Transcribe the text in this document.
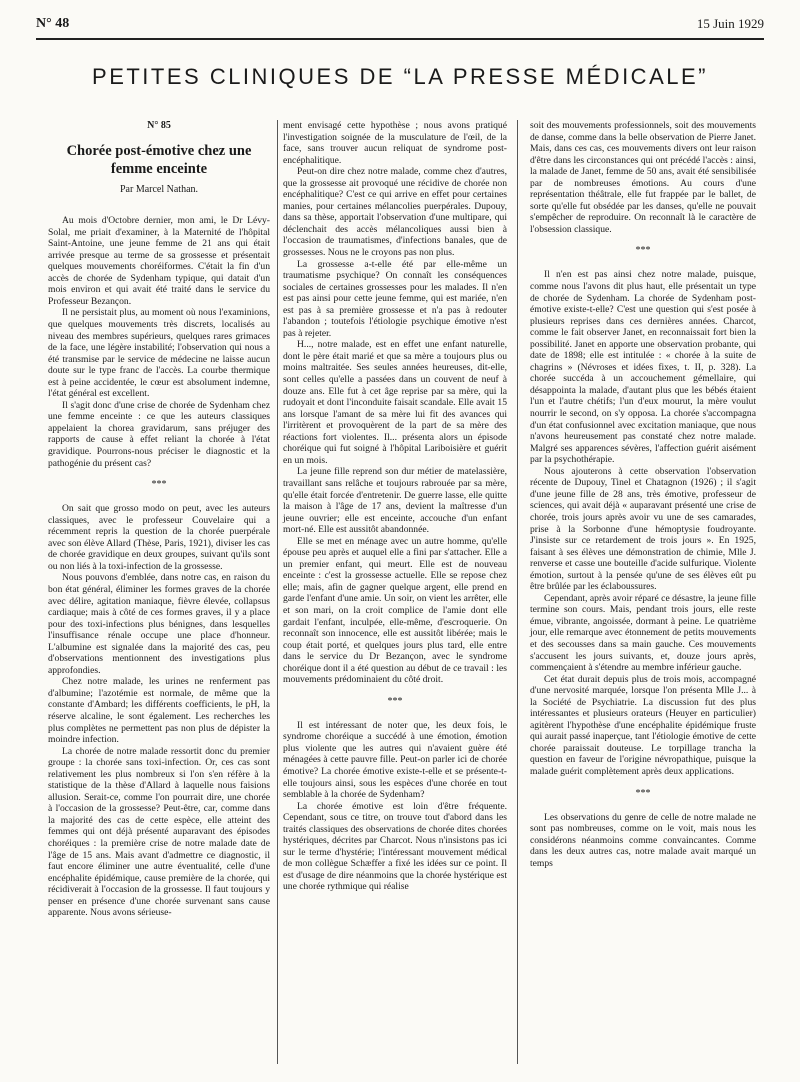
N° 48	15 Juin 1929
PETITES CLINIQUES DE “LA PRESSE MÉDICALE”

N° 85

Chorée post-émotive chez une femme enceinte

Par Marcel Nathan.

Au mois d'Octobre dernier, mon ami, le Dr Lévy-Solal, me priait d'examiner, à la Maternité de l'hôpital Saint-Antoine, une jeune femme de 21 ans qui était arrivée presque au terme de sa grossesse et présentait quelques mouvements choréiformes. C'était la fin d'un accès de chorée de Sydenham typique, qui datait d'un mois environ et qui avait été traité dans le service du Professeur Bezançon.

Il ne persistait plus, au moment où nous l'examinions, que quelques mouvements très discrets, localisés au niveau des membres supérieurs, quelques rares grimaces de la face, une légère instabilité; l'observation qui nous a été transmise par le service de médecine ne laisse aucun doute sur le type franc de l'accès. La courbe thermique est à peine accidentée, le cœur est absolument indemne, l'état général est excellent.

Il s'agit donc d'une crise de chorée de Sydenham chez une femme enceinte : ce que les auteurs classiques appelaient la chorea gravidarum, sans préjuger des rapports de cause à effet reliant la chorée à l'état gravidique. Pourrons-nous préciser le diagnostic et la pathogénie du présent cas?

***

On sait que grosso modo on peut, avec les auteurs classiques, avec le professeur Couvelaire qui a récemment repris la question de la chorée puerpérale avec son élève Allard (Thèse, Paris, 1921), diviser les cas de chorée gravidique en deux groupes, suivant qu'ils sont ou non liés à la toxi-infection de la grossesse.

Nous pouvons d'emblée, dans notre cas, en raison du bon état général, éliminer les formes graves de la chorée avec délire, agitation maniaque, fièvre élevée, collapsus cardiaque; mais à côté de ces formes graves, il y a place pour des toxi-infections plus bénignes, dans lesquelles l'insuffisance rénale occupe une place d'honneur. L'albumine est signalée dans la majorité des cas, peu d'observations mentionnent des investigations plus approfondies.

Chez notre malade, les urines ne renferment pas d'albumine; l'azotémie est normale, de même que la constante d'Ambard; les différents coefficients, le pH, la réserve alcaline, le sont également. Les recherches les plus complètes ne permettent pas non plus de dépister la moindre infection.

La chorée de notre malade ressortit donc du premier groupe : la chorée sans toxi-infection. Or, ces cas sont relativement les plus nombreux si l'on s'en réfère à la statistique de la thèse d'Allard à laquelle nous faisions allusion. Serait-ce, comme l'on pourrait dire, une chorée à l'occasion de la grossesse? Peut-être, car, comme dans la majorité des cas de cette espèce, elle atteint des femmes qui ont déjà présenté auparavant des épisodes choréiques : la première crise de notre malade date de l'âge de 15 ans. Mais avant d'admettre ce diagnostic, il faut encore éliminer une autre éventualité, celle d'une encéphalite épidémique, cause première de la chorée, qui récidiverait à l'occasion de la grossesse. Il faut toujours y penser en présence d'une chorée survenant sans cause apparente. Nous avons sérieuse-

ment envisagé cette hypothèse ; nous avons pratiqué l'investigation soignée de la musculature de l'œil, de la face, sans trouver aucun reliquat de syndrome post-encéphalitique.

Peut-on dire chez notre malade, comme chez d'autres, que la grossesse ait provoqué une récidive de chorée non encéphalitique? C'est ce qui arrive en effet pour certaines manies, pour certaines mélancolies puerpérales. Dupouy, dans sa thèse, apportait l'observation d'une multipare, qui déclenchait des accès mélancoliques aussi bien à l'occasion de traumatismes, d'infections banales, que de grossesses. Nous ne le croyons pas non plus.

La grossesse a-t-elle été par elle-même un traumatisme psychique? On connaît les conséquences sociales de certaines grossesses pour les malades. Il n'en est pas ainsi pour cette jeune femme, qui est mariée, n'en est pas à sa première grossesse et n'a pas à redouter l'abandon ; toutefois l'étiologie psychique émotive n'est pas à rejeter.

H..., notre malade, est en effet une enfant naturelle, dont le père était marié et que sa mère a toujours plus ou moins maltraitée. Ses seules années heureuses, dit-elle, sont celles qu'elle a passées dans un couvent de neuf à douze ans. Elle fut à cet âge reprise par sa mère, qui la rudoyait et dont l'inconduite faisait scandale. Elle avait 15 ans lorsque l'amant de sa mère lui fit des avances qui l'irritèrent et provoquèrent de la part de sa mère des réactions fort violentes. Il... présenta alors un épisode choréique qui fut soigné à l'hôpital Lariboisière et guérit en un mois.

La jeune fille reprend son dur métier de matelassière, travaillant sans relâche et toujours rabrouée par sa mère, qu'elle était forcée d'entretenir. De guerre lasse, elle quitte la maison à l'âge de 17 ans, devient la maîtresse d'un jeune ouvrier; elle est enceinte, accouche d'un enfant mort-né. Elle est aussitôt abandonnée.

Elle se met en ménage avec un autre homme, qu'elle épouse peu après et auquel elle a fini par s'attacher. Elle a un premier enfant, qui meurt. Elle est de nouveau enceinte : c'est la grossesse actuelle. Elle se repose chez elle; mais, afin de gagner quelque argent, elle prend en garde l'enfant d'une amie. Un soir, on vient les arrêter, elle et son mari, on la croit complice de l'amie dont elle gardait l'enfant, inculpée, elle-même, d'escroquerie. On reconnaît son innocence, elle est aussitôt libérée; mais le coup était porté, et quelques jours plus tard, elle entre dans le service du Dr Bezançon, avec le syndrome choréique dont il a été question au début de ce travail : les mouvements prédominaient du côté droit.

***

Il est intéressant de noter que, les deux fois, le syndrome choréique a succédé à une émotion, émotion plus violente que les autres qui n'avaient guère été ménagées à cette pauvre fille. Peut-on parler ici de chorée émotive? La chorée émotive existe-t-elle et se présente-t-elle toujours ainsi, sous les espèces d'une chorée en tout semblable à la chorée de Sydenham?

La chorée émotive est loin d'être fréquente. Cependant, sous ce titre, on trouve tout d'abord dans les traités classiques des observations de chorée dites chorées hystériques, décrites par Charcot. Nous n'insistons pas ici sur le terme d'hystérie; l'intéressant mouvement médical de mon collègue Schæffer a fixé les idées sur ce point. Il est d'usage de dire néanmoins que la chorée hystérique est une chorée rythmique qui réalise

soit des mouvements professionnels, soit des mouvements de danse, comme dans la belle observation de Pierre Janet. Mais, dans ces cas, ces mouvements divers ont leur raison d'être dans les circonstances qui ont précédé l'accès : ainsi, la malade de Janet, femme de 50 ans, avait été sensibilisée par de nombreuses émotions. Au cours d'une représentation théâtrale, elle fut frappée par le ballet, de sorte qu'elle fut obsédée par les danses, qu'elle ne pouvait s'empêcher de reproduire. On reconnaît là le caractère de l'obsession classique.

***

Il n'en est pas ainsi chez notre malade, puisque, comme nous l'avons dit plus haut, elle présentait un type de chorée de Sydenham. La chorée de Sydenham post-émotive existe-t-elle? C'est une question qui s'est posée à plusieurs reprises dans ces dernières années. Charcot, comme le fait observer Janet, en reconnaissait fort bien la possibilité. Janet en apporte une observation probante, qui date de 1898; elle est intitulée : « chorée à la suite de chagrins » (Névroses et idées fixes, t. II, p. 328). La chorée succéda à un accouchement gémellaire, qui désappointa la malade, d'autant plus que les bébés étaient l'un et l'autre chétifs; l'un d'eux mourut, la mère voulut nourrir le second, on s'y opposa. La chorée s'accompagna d'un état confusionnel avec excitation maniaque, que nous n'avons heureusement pas constaté chez notre malade. Malgré ses apparences sévères, l'affection guérit aisément par la psychothérapie.

Nous ajouterons à cette observation l'observation récente de Dupouy, Tinel et Chatagnon (1926) ; il s'agit d'une jeune fille de 28 ans, très émotive, professeur de sciences, qui avait déjà « auparavant présenté une crise de chorée, trois jours après avoir vu une de ses camarades, prise à la Sorbonne d'une hémoptysie foudroyante. J'insiste sur ce retardement de trois jours ». En 1925, faisant à ses élèves une démonstration de chimie, Mlle J. renverse et casse une bouteille d'acide sulfurique. Violente émotion, surtout à la pensée qu'une de ses élèves eût pu être brûlée par les éclaboussures.

Cependant, après avoir réparé ce désastre, la jeune fille termine son cours. Mais, pendant trois jours, elle reste émue, vibrante, angoissée, dormant à peine. Le quatrième jour, elle remarque avec étonnement de petits mouvements et des secousses dans sa main gauche. Ces mouvements s'accusent les jours suivants, et, douze jours après, commençaient à s'étendre au membre inférieur gauche.

Cet état durait depuis plus de trois mois, accompagné d'une nervosité marquée, lorsque l'on présenta Mlle J... à la Société de Psychiatrie. La discussion fut des plus intéressantes et plusieurs orateurs (Heuyer en particulier) agitèrent l'hypothèse d'une encéphalite épidémique fruste qui aurait passé inaperçue, tant l'étiologie émotive de cette chorée paraissait douteuse. Le torpillage trancha la question en faveur de l'origine névropathique, puisque la malade guérit complètement après deux applications.

***

Les observations du genre de celle de notre malade ne sont pas nombreuses, comme on le voit, mais nous les considérons néanmoins comme convaincantes. Comme dans les deux autres cas, notre malade avait marqué un temps
